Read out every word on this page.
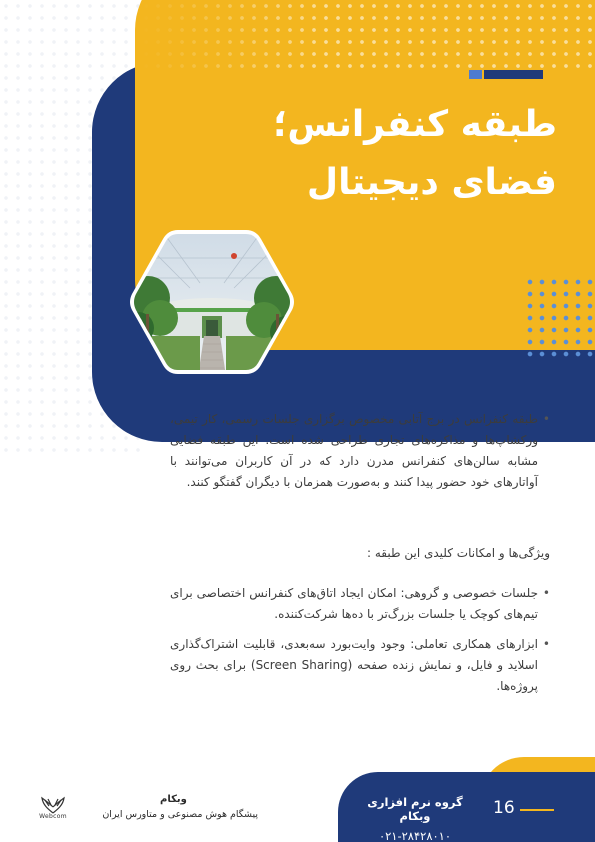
طبقه کنفرانس؛
فضای دیجیتال
• طبقه کنفرانس در برج آتابی مخصوص برگزاری جلسات رسمی، کار تیمی، ورکشاپ‌ها و مذاکره‌های تجاری طراحی شده است. این طبقه فضایی مشابه سالن‌های کنفرانس مدرن دارد که در آن کاربران می‌توانند با آواتارهای خود حضور پیدا کنند و به‌صورت همزمان با دیگران گفتگو کنند.
ویژگی‌ها و امکانات کلیدی این طبقه :
• جلسات خصوصی و گروهی: امکان ایجاد اتاق‌های کنفرانس اختصاصی برای تیم‌های کوچک یا جلسات بزرگ‌تر با ده‌ها شرکت‌کننده.
• ابزارهای همکاری تعاملی: وجود وایت‌بورد سه‌بعدی، قابلیت اشتراک‌گذاری اسلاید و فایل، و نمایش زنده صفحه (Screen Sharing) برای بحث روی پروژه‌ها.
Webcom
وبکام
پیشگام هوش مصنوعی و متاورس ایران
گروه نرم افزاری وبکام
۰۲۱-۲۸۴۲۸۰۱۰
16
